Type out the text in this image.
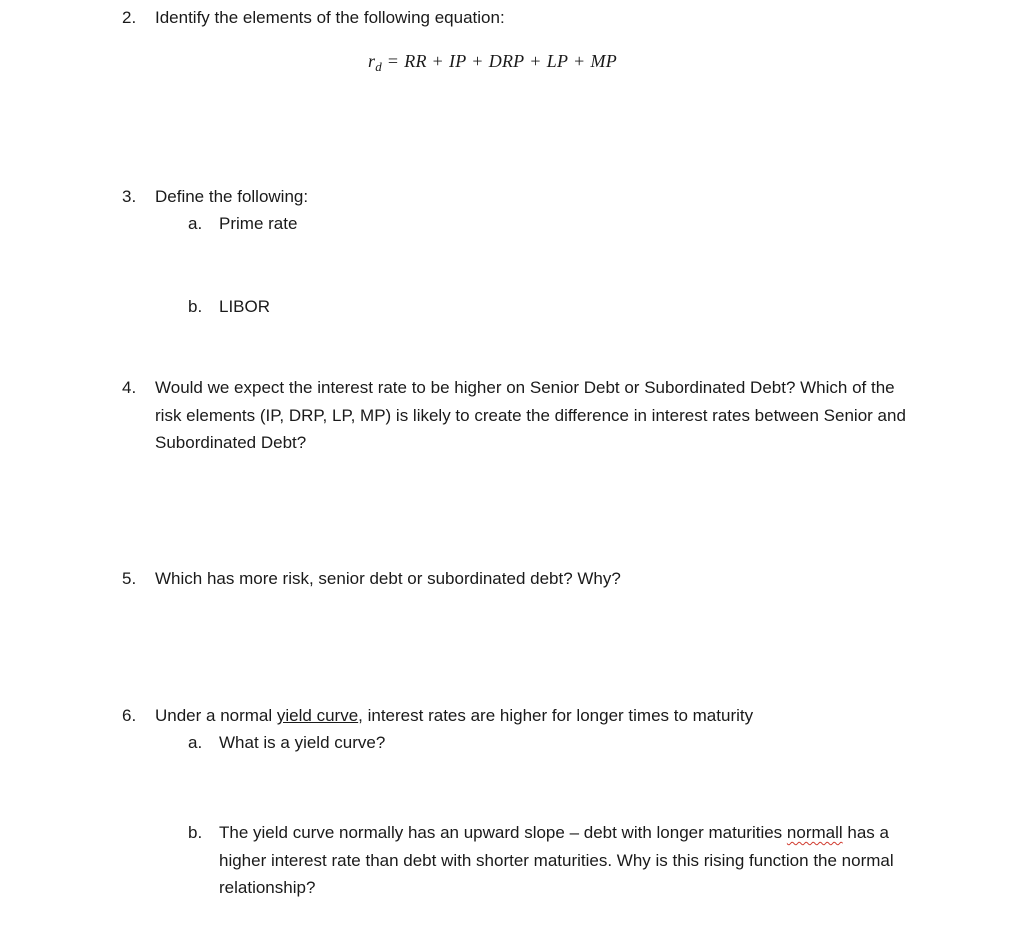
2. Identify the elements of the following equation:
$r_d$ = RR + IP + DRP + LP + MP
3. Define the following:
a. Prime rate
b. LIBOR
4. Would we expect the interest rate to be higher on Senior Debt or Subordinated Debt? Which of the risk elements (IP, DRP, LP, MP) is likely to create the difference in interest rates between Senior and Subordinated Debt?
5. Which has more risk, senior debt or subordinated debt? Why?
6. Under a normal yield curve, interest rates are higher for longer times to maturity
a. What is a yield curve?
b. The yield curve normally has an upward slope – debt with longer maturities normall has a higher interest rate than debt with shorter maturities. Why is this rising function the normal relationship?
